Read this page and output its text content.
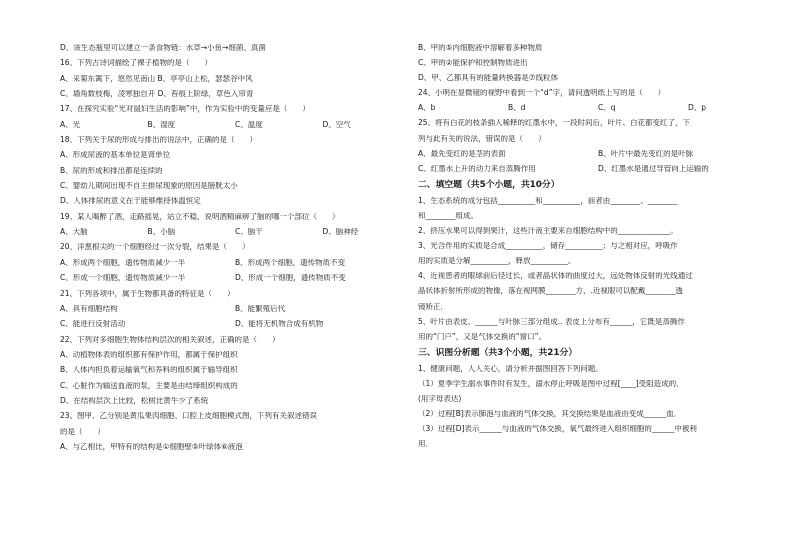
D、该生态瓶里可以建立一条食物链：水草→小鱼→细菌、真菌
16、下列古诗词描绘了裸子植物的是（　　）
A、采菊东篱下，悠然见南山 B、亭亭山上松，瑟瑟谷中风
C、墙角数枝梅，凌寒独自开 D、苔痕上阶绿，草色入帘青
17、在探究实验“光对鼠妇生活的影响”中，作为实验中的变量应是（　　）
A、光	B、湿度	C、温度	D、空气
18、下列关于尿的形成与排出的说法中，正确的是（　　）
A、形成尿液的基本单位是肾单位
B、尿的形成和排出都是连续的
C、婴幼儿期间出现不自主排尿现象的原因是膀胱太小
D、人体排尿的意义在于能够维持体温恒定
19、某人喝醉了酒，走路摇晃，站立不稳，说明酒精麻痹了脑的哪一个部位（　　）
A、大脑	B、小脑	C、脑干	D、脑神经
20、洋葱根尖的一个细胞经过一次分裂，结果是（　　）
A、形成两个细胞，遗传物质减少一半	B、形成两个细胞，遗传物质不变
C、形成一个细胞，遗传物质减少一半	D、形成一个细胞，遗传物质不变
21、下列各项中，属于生物都具备的特征是（　　）
A、具有细胞结构	B、能繁殖后代
C、能进行反射活动	D、能将无机物合成有机物
22、下列对多细胞生物体结构层次的相关叙述，正确的是（　　）
A、动植物体表的组织都有保护作用，都属于保护组织
B、人体内担负着运输氧气和养料的组织属于输导组织
C、心脏作为输送血液的泵，主要是由结缔组织构成的
D、在结构层次上比较，松树比黄牛少了系统
23、图甲、乙分别是黄瓜果肉细胞、口腔上皮细胞模式图，下列有关叙述错误
的是（　　）
A、与乙相比，甲特有的结构是①细胞壁⑤叶绿体⑥液泡
B、甲的⑤内细胞液中溶解着多种物质
C、甲的②能保护和控制物质进出
D、甲、乙都具有的能量转换器是⑦线粒体
24、小明在显微镜的视野中看到一个“d”字，请问透明纸上写的是（　　）
A、b	B、d	C、q	D、p
25、将有白花的枝条插入稀释的红墨水中，一段时间后，叶片、白花都变红了，下
列与此有关的说法，错误的是（　　）
A、最先变红的是茎的表面	B、叶片中最先变红的是叶脉
C、红墨水上升的动力来自蒸腾作用	D、红墨水是通过导管向上运输的
二、填空题（共5个小题，共10分）
1、生态系统的成分包括__________和__________，前者由________、________
和________组成。
2、挤压水果可以得到果汁，这些汁液主要来自细胞结构中的______________。
3、光合作用的实质是合成__________，储存__________；与之相对应，呼吸作
用的实质是分解__________，释放__________。
4、近视患者的眼球前后径过长，或者晶状体的曲度过大，远处物体反射的光线通过
晶状体折射所形成的物像，落在视网膜________方，.近视眼可以配戴________透
镜矫正．
5、叶片由表皮、______与叶脉三部分组成.. 表皮上分布有______，它既是蒸腾作
用的“门户”，又是气体交换的“窗口”。
三、识图分析题（共3个小题，共21分）
1、健康问题，人人关心，请分析并据图回答下列问题。
（1）夏季学生溺水事件时有发生，溺水停止呼吸是图中过程[____]受阻造成的．
(用字母表达)
（2）过程[B]表示肺泡与血液的气体交换，其交换结果是血液由变成______血．
（3）过程[D]表示______与血液的气体交换，氧气最终进入组织细胞的______中被利
用．
